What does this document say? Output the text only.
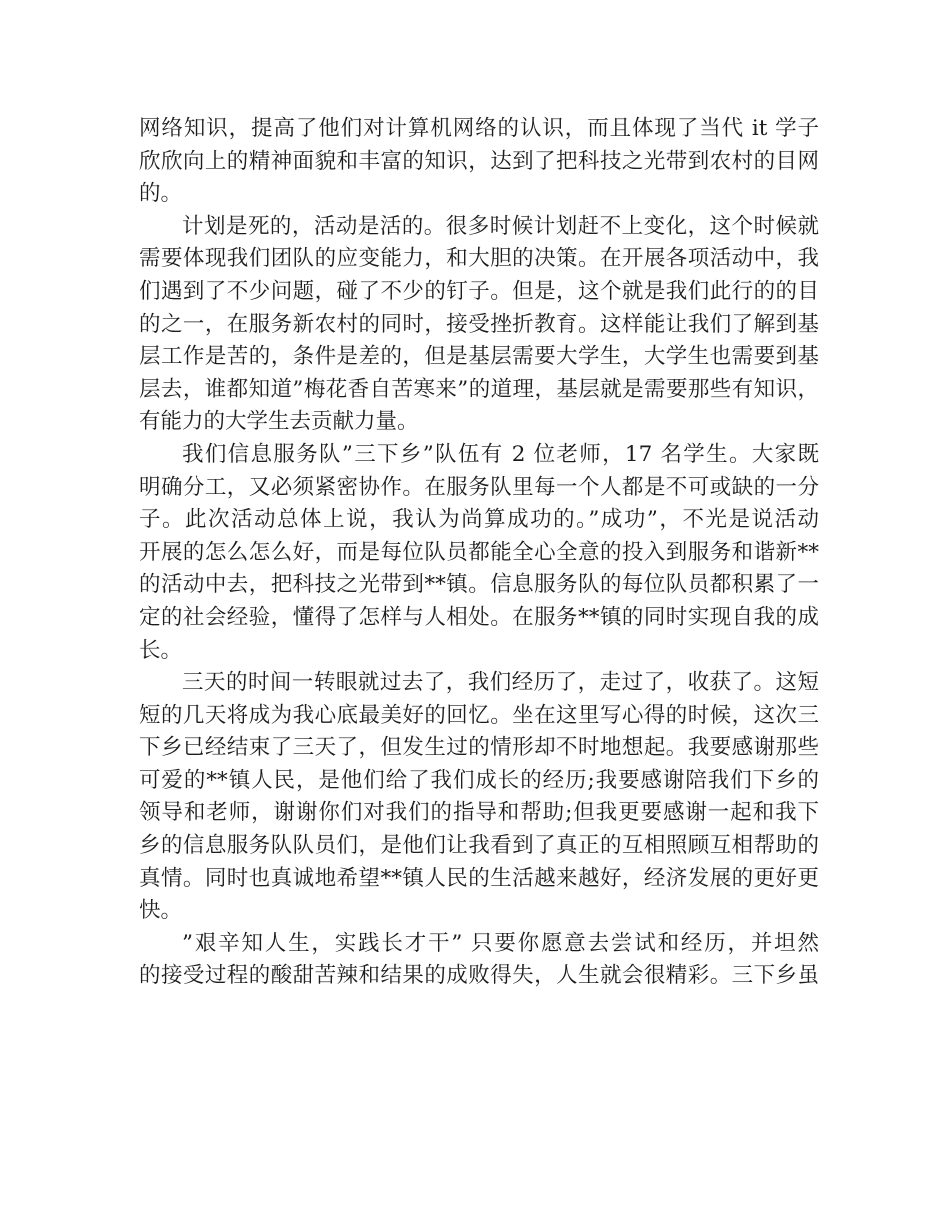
网络知识，提高了他们对计算机网络的认识，而且体现了当代 it 学子
欣欣向上的精神面貌和丰富的知识，达到了把科技之光带到农村的目网
的。
计划是死的，活动是活的。很多时候计划赶不上变化，这个时候就
需要体现我们团队的应变能力，和大胆的决策。在开展各项活动中，我
们遇到了不少问题，碰了不少的钉子。但是，这个就是我们此行的的目
的之一，在服务新农村的同时，接受挫折教育。这样能让我们了解到基
层工作是苦的，条件是差的，但是基层需要大学生，大学生也需要到基
层去，谁都知道”梅花香自苦寒来”的道理，基层就是需要那些有知识，
有能力的大学生去贡献力量。
我们信息服务队”三下乡”队伍有 2 位老师，17 名学生。大家既
明确分工，又必须紧密协作。在服务队里每一个人都是不可或缺的一分
子。此次活动总体上说，我认为尚算成功的。”成功”，不光是说活动
开展的怎么怎么好，而是每位队员都能全心全意的投入到服务和谐新**
的活动中去，把科技之光带到**镇。信息服务队的每位队员都积累了一
定的社会经验，懂得了怎样与人相处。在服务**镇的同时实现自我的成
长。
三天的时间一转眼就过去了，我们经历了，走过了，收获了。这短
短的几天将成为我心底最美好的回忆。坐在这里写心得的时候，这次三
下乡已经结束了三天了，但发生过的情形却不时地想起。我要感谢那些
可爱的**镇人民，是他们给了我们成长的经历;我要感谢陪我们下乡的
领导和老师，谢谢你们对我们的指导和帮助;但我更要感谢一起和我下
乡的信息服务队队员们，是他们让我看到了真正的互相照顾互相帮助的
真情。同时也真诚地希望**镇人民的生活越来越好，经济发展的更好更
快。
”艰辛知人生，实践长才干” 只要你愿意去尝试和经历，并坦然
的接受过程的酸甜苦辣和结果的成败得失，人生就会很精彩。三下乡虽
